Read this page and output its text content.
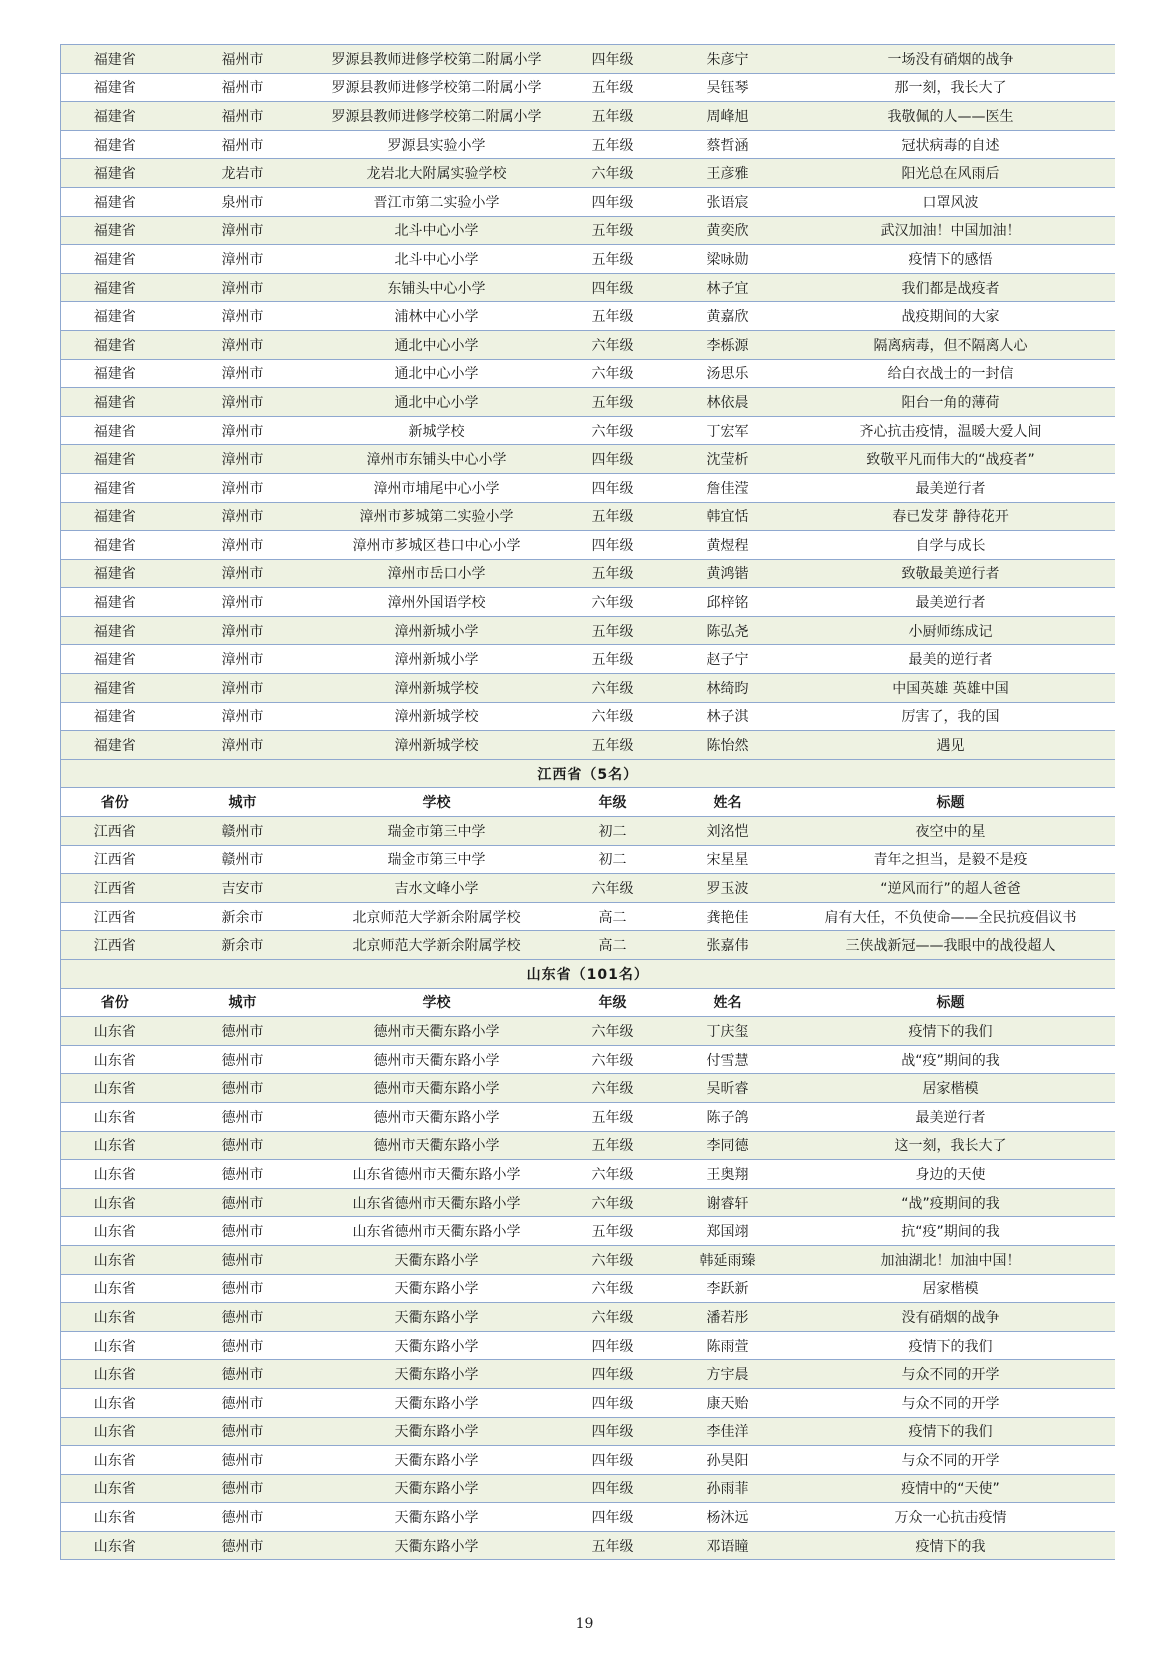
福建省	福州市	罗源县教师进修学校第二附属小学	四年级	朱彦宁	一场没有硝烟的战争
福建省	福州市	罗源县教师进修学校第二附属小学	五年级	吴钰琴	那一刻，我长大了
福建省	福州市	罗源县教师进修学校第二附属小学	五年级	周峰旭	我敬佩的人——医生
福建省	福州市	罗源县实验小学	五年级	蔡哲涵	冠状病毒的自述
福建省	龙岩市	龙岩北大附属实验学校	六年级	王彦雅	阳光总在风雨后
福建省	泉州市	晋江市第二实验小学	四年级	张语宸	口罩风波
福建省	漳州市	北斗中心小学	五年级	黄奕欣	武汉加油！中国加油！
福建省	漳州市	北斗中心小学	五年级	梁咏勋	疫情下的感悟
福建省	漳州市	东铺头中心小学	四年级	林子宜	我们都是战疫者
福建省	漳州市	浦林中心小学	五年级	黄嘉欣	战疫期间的大家
福建省	漳州市	通北中心小学	六年级	李栎源	隔离病毒，但不隔离人心
福建省	漳州市	通北中心小学	六年级	汤思乐	给白衣战士的一封信
福建省	漳州市	通北中心小学	五年级	林依晨	阳台一角的薄荷
福建省	漳州市	新城学校	六年级	丁宏军	齐心抗击疫情，温暖大爱人间
福建省	漳州市	漳州市东铺头中心小学	四年级	沈莹析	致敬平凡而伟大的“战疫者”
福建省	漳州市	漳州市埔尾中心小学	四年级	詹佳滢	最美逆行者
福建省	漳州市	漳州市芗城第二实验小学	五年级	韩宜恬	春已发芽 静待花开
福建省	漳州市	漳州市芗城区巷口中心小学	四年级	黄煜程	自学与成长
福建省	漳州市	漳州市岳口小学	五年级	黄鸿锴	致敬最美逆行者
福建省	漳州市	漳州外国语学校	六年级	邱梓铭	最美逆行者
福建省	漳州市	漳州新城小学	五年级	陈弘尧	小厨师练成记
福建省	漳州市	漳州新城小学	五年级	赵子宁	最美的逆行者
福建省	漳州市	漳州新城学校	六年级	林绮昀	中国英雄 英雄中国
福建省	漳州市	漳州新城学校	六年级	林子淇	厉害了，我的国
福建省	漳州市	漳州新城学校	五年级	陈怡然	遇见
江西省（5名）					
省份	城市	学校	年级	姓名	标题
江西省	赣州市	瑞金市第三中学	初二	刘洺恺	夜空中的星
江西省	赣州市	瑞金市第三中学	初二	宋星星	青年之担当，是毅不是疫
江西省	吉安市	吉水文峰小学	六年级	罗玉波	“逆风而行”的超人爸爸
江西省	新余市	北京师范大学新余附属学校	高二	龚艳佳	肩有大任，不负使命——全民抗疫倡议书
江西省	新余市	北京师范大学新余附属学校	高二	张嘉伟	三侠战新冠——我眼中的战役超人
山东省（101名）					
省份	城市	学校	年级	姓名	标题
山东省	德州市	德州市天衢东路小学	六年级	丁庆玺	疫情下的我们
山东省	德州市	德州市天衢东路小学	六年级	付雪慧	战“疫”期间的我
山东省	德州市	德州市天衢东路小学	六年级	吴昕睿	居家楷模
山东省	德州市	德州市天衢东路小学	五年级	陈子鸽	最美逆行者
山东省	德州市	德州市天衢东路小学	五年级	李同德	这一刻，我长大了
山东省	德州市	山东省德州市天衢东路小学	六年级	王奥翔	身边的天使
山东省	德州市	山东省德州市天衢东路小学	六年级	谢睿轩	“战”疫期间的我
山东省	德州市	山东省德州市天衢东路小学	五年级	郑国翊	抗“疫”期间的我
山东省	德州市	天衢东路小学	六年级	韩延雨臻	加油湖北！加油中国！
山东省	德州市	天衢东路小学	六年级	李跃新	居家楷模
山东省	德州市	天衢东路小学	六年级	潘若彤	没有硝烟的战争
山东省	德州市	天衢东路小学	四年级	陈雨萱	疫情下的我们
山东省	德州市	天衢东路小学	四年级	方宇晨	与众不同的开学
山东省	德州市	天衢东路小学	四年级	康天贻	与众不同的开学
山东省	德州市	天衢东路小学	四年级	李佳洋	疫情下的我们
山东省	德州市	天衢东路小学	四年级	孙昊阳	与众不同的开学
山东省	德州市	天衢东路小学	四年级	孙雨菲	疫情中的“天使”
山东省	德州市	天衢东路小学	四年级	杨沐远	万众一心抗击疫情
山东省	德州市	天衢东路小学	五年级	邓语瞳	疫情下的我
19
